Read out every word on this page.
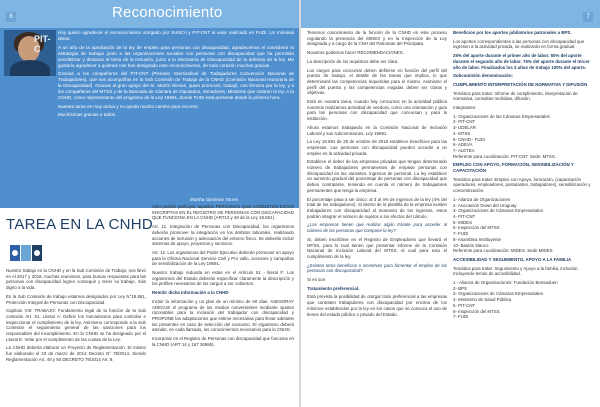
6	Reconocimiento
PIT-C

Hoy quiero agradecer el reconocimiento otorgado por SUNCA y PIT-CNT al valor realizado en FUDI. Un mimosal almar.

A un año de la aprobación de la ley de empleo para personas con discapacidad, agradecemos el considerar la estrategia de trabajar junto a las organizaciones sociales con personas con discapacidad que ha permitido sensibilizar y destacar el tema de la inclusión, junto a la Secretaría de Discapacidad de la defensa de la ley. Me gustaría agradecer a quienes nos han designado este reconocimiento, de todo corazón muchas gracias.

Gracias a los compañeros del PIT-CNT (Plenario Intersindical de Trabajadores Convención Nacional de Trabajadores), que nos acompañan en la Sub Comisión de Trabajo de la CNHD (Comisión Nacional Honoraria de la Discapacidad). Gracias al gran apoyo del Sr. Martín Nieves, quien promovió, trabajó, con firmeza por la ley, y a los compañeros del MTSS y de la Bancada de Cámara de Diputados, Senadores, Ministros que votaron la ley. A la CNHD, como representante del programa de la Ley 19691, donde FUDI está presente desde la primera hora.

Nuestra tarea es muy ardua y no queda mucho camino para recorrer.

Muchísimas gracias a todos.

Martha Giménez Torres
TAREA EN LA CNHD

Nuestro trabajo en la CNHD y en la Sub Comisión de Trabajo, nos llevó en el 2017 y 2018, muchas reuniones, para buscar respuestas para las personas con discapacidad logren conseguir y tener su trabajo, más digno a la vida.

En la Sub Comisión de trabajo estamos designados por Ley N°18.651, Protección Integral de Personas con Discapacidad.

Capítulo VIII: TRABAJO: Fundamento legal de la función de la Sub comisión Art. 51, Literal A: Definir los mecanismos para controlar e inspeccionar el cumplimiento de la ley. Asimismo corresponde a la Sub Comisión el seguimiento general de las sanciones para los responsables del incumplimiento. En la CNHD se ha designado por el Literal E: Velar por el cumplimiento de las cuotas de la Ley.

La CNHD debería elaborar un Proyecto de Reglamentación. El mismo fue elaborado el 23 de marzo de 2014 Decreto N° 79/2014. Siendo Reglamentación Art. 49 y 50 DECRETO 79/2014 Art. 9.

Solo podrán participar aquellas PERSONAS QUE ACREDITEN ESTAR INSCRIPTAS EN EL REGISTRO DE PERSONAS CON DISCAPACIDAD QUE FUNCIONA EN LA CNHD (ART13 y 49 de la Ley 18.651).

Art. 11. Integración de Personas con Discapacidad, los organismos deberán promover la integración en los ámbitos laborales, realizando acciones de inclusión y adecuación del entorno físico. Se deberán incluir sistemas de apoyo, proyectos y servicios.

Art. 12. Los organismos del Poder Ejecutivo deberán promover un apoyo para la Oficina Nacional Servicio Civil y Pro vallo, acciones y campañas de sensibilización de la Ley 19691.

Nuestro trabajo redunda en estas en el Artículo 51 - literal F: Los organismos del Estado deberán especificar claramente la descripción y los perfiles necesarios de los cargos a ser cubiertos.

Remitir dicha información a la CNHD

Incluir la información y un plan de un mínimo de 60 días. ASESORAY ADECUE el programa de los medios convenientes mediante ajustes razonables para la inclusión del trabajador con discapacidad y PROPONE las adaptaciones que estime necesarias para llevar adelante las presentes en caso de selección del concurso. El organismo deberá atender, en cada llamado, los conocimientos necesarios para la CNHD.

Incorporar en el Registro de Personas con discapacidad que funciona en la CNHD (ART 14 y 167 36986).

7

Tenemos conocimiento de la función de la CNHD en este proceso regulando la presencia del MIDES y en la Inspección de la Ley designada y a cargo de la CNH del Patronato del Psicópata.

Nosotros podemos hacer RECOMENDACIONES.

La descripción de los requisitos debe ser clara.

Los cargos para concursar deben definirse en función del perfil del puesto de trabajo, el detalle de las tareas que implica, lo que determinará las competencias requeridas para el mismo. Asimismo el perfil del puesto y las competencias exigidas deben ser claras y objetivas.

Está en nuestra tarea, cuando hay concursos en la actividad pública nosotros realizamos actividad de veedora, como una orientación y guía para las personas con discapacidad que concursan y para la institución.

Ahora estamos trabajando en la Comisión Nacional de Inclusión Laboral y sus subcomisiones. Ley 19691.

La Ley 19.691 de 29 de octubre de 2018 establece beneficios para las empresas. Las personas con discapacidad pueden acceder a un empleo en la actividad privada.

Establece el deber de las empresas privadas que tengan determinado número de trabajadores permanentes de emplear personas con discapacidad en las vacantes. Ingresos de personal. La ley establece un aumento gradual del porcentaje de personas con discapacidad que deben contratarse, teniendo en cuenta el número de trabajadores permanentes que tenga la empresa.

El porcentaje pasa a ser único: al 3 al 4% de ingresos de la ley (4% del total de los trabajadores). Si dentro de la plantilla de la empresa existen trabajadores con discapacidad al momento de los ingresos, estos podrán integrar el número de sujetos a los efectos del cálculo.

¿Las empresas tienen que realizar algún trámite para acceder al número de las personas que compone la ley?

Si, deben inscribirse en el Registro de Empleadores que llevará el MTSS, para lo cual tienen que presentar informe de la Comisión Nacional de Inclusión Laboral del MTSS, el cual para esto el cumplimiento de la ley.

¿Existen otros beneficios o incentivos para fomentar el empleo de las personas con discapacidad?

Si es son

Tratamiento preferencial.

Está prevista la posibilidad de otorgar trato preferencial a las empresas que contraten trabajadores con discapacidad por encima de los mínimos establecidos por la ley en los casos que se convoca el uso de tienes del estado público o privado del Estado.

Beneficios por los aportes jubilatorios patronales a BPS.

Los aportes correspondientes a las personas con discapacidad que ingresen a la actividad privada, se realizarán en forma gradual:

25% del aporte durante el primer año de labor. 50% del aporte durante el segundo año de labor. 75% del aporte durante el tercer año de labor. Finalizados los 3 años de trabajo 100% del aporte.

Subcomisión denominación:

CUMPLIMIENTO INTERPRETACIÓN DE NORMATIVA Y DIFUSIÓN

Temática para tratar: Informe de cumplimiento, interpretación de normativa, consultas recibidas, difusión.

Integrantes:

1- Organizaciones de las Cámaras Empresariales

2- PIT-CNT

3- UDELAR

4- MTSS

5- CNHD - FUDI

6- ADEVA

7- ALETEA

Referente para coordinación: PIT-CNT. Sede: MTSS.

EMPLEO CON APOYO, FORMACIÓN, SENSIBILIZACIÓN Y CAPACITACIÓN

Temática para tratar: Empleo con Apoyo, formación, (capacitación operadores, empleadores, postulantes, trabajadores), sensibilización y concientización.

1- Alianza de Organizaciones

2- Asociación Down del Uruguay

3- Organizaciones de Cámaras Empresariales

4- PIT-CNT

5- MIDES

6- Inspección del MTSS

7- FUDI

8- Asamblea Instituyente

10- Bastón blanco

Referente para coordinación: MIDES. Sede MIDES

ACCESIBILIDAD Y SEGUIMIENTO, APOYO A LA FAMILIA

Temática para tratar: Seguimiento y Apoyo a la familia, inclusión. Incluyendo temas de accesibilidad.

1 - Alianza de Organizaciones: Fundación Bensaduen

2- BPS

3- Organizaciones de Cámaras Empresariales

4- Ministerio de Salud Pública

5- PIT-CNT

6- Inspección del MTSS

7- FUDI
